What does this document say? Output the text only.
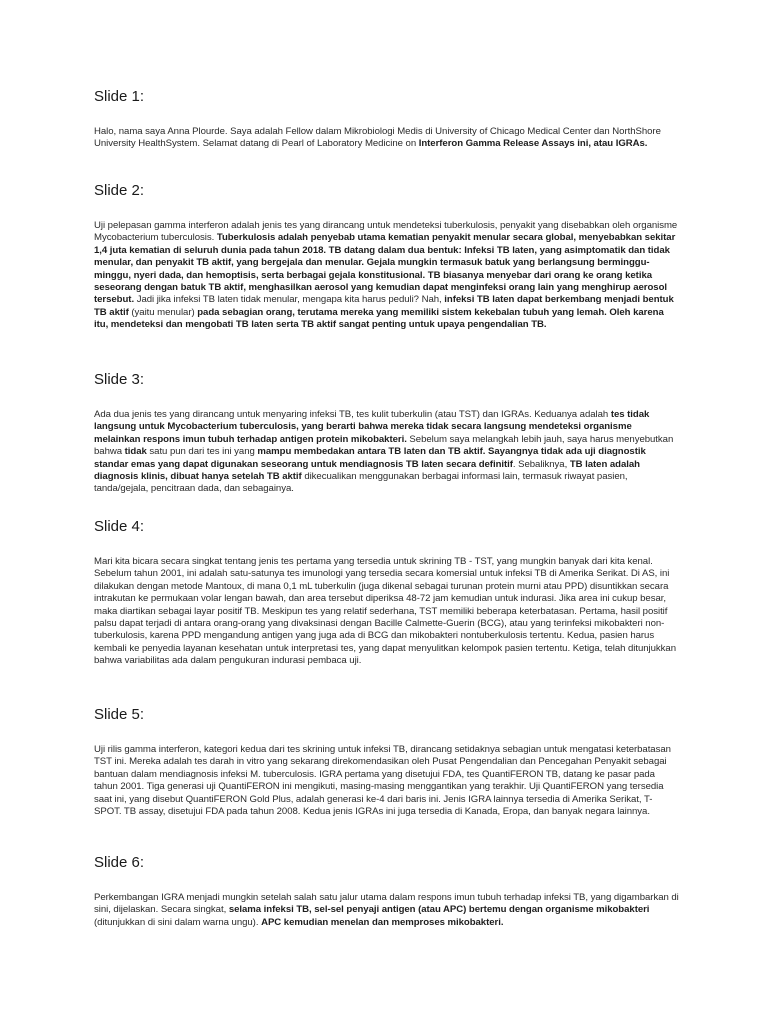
Slide 1:

Halo, nama saya Anna Plourde. Saya adalah Fellow dalam Mikrobiologi Medis di University of Chicago Medical Center dan NorthShore University HealthSystem. Selamat datang di Pearl of Laboratory Medicine on Interferon Gamma Release Assays ini, atau IGRAs.

Slide 2:

Uji pelepasan gamma interferon adalah jenis tes yang dirancang untuk mendeteksi tuberkulosis, penyakit yang disebabkan oleh organisme Mycobacterium tuberculosis. Tuberkulosis adalah penyebab utama kematian penyakit menular secara global, menyebabkan sekitar 1,4 juta kematian di seluruh dunia pada tahun 2018. TB datang dalam dua bentuk: Infeksi TB laten, yang asimptomatik dan tidak menular, dan penyakit TB aktif, yang bergejala dan menular. Gejala mungkin termasuk batuk yang berlangsung berminggu-minggu, nyeri dada, dan hemoptisis, serta berbagai gejala konstitusional. TB biasanya menyebar dari orang ke orang ketika seseorang dengan batuk TB aktif, menghasilkan aerosol yang kemudian dapat menginfeksi orang lain yang menghirup aerosol tersebut. Jadi jika infeksi TB laten tidak menular, mengapa kita harus peduli? Nah, infeksi TB laten dapat berkembang menjadi bentuk TB aktif (yaitu menular) pada sebagian orang, terutama mereka yang memiliki sistem kekebalan tubuh yang lemah. Oleh karena itu, mendeteksi dan mengobati TB laten serta TB aktif sangat penting untuk upaya pengendalian TB.

Slide 3:

Ada dua jenis tes yang dirancang untuk menyaring infeksi TB, tes kulit tuberkulin (atau TST) dan IGRAs. Keduanya adalah tes tidak langsung untuk Mycobacterium tuberculosis, yang berarti bahwa mereka tidak secara langsung mendeteksi organisme melainkan respons imun tubuh terhadap antigen protein mikobakteri. Sebelum saya melangkah lebih jauh, saya harus menyebutkan bahwa tidak satu pun dari tes ini yang mampu membedakan antara TB laten dan TB aktif. Sayangnya tidak ada uji diagnostik standar emas yang dapat digunakan seseorang untuk mendiagnosis TB laten secara definitif. Sebaliknya, TB laten adalah diagnosis klinis, dibuat hanya setelah TB aktif dikecualikan menggunakan berbagai informasi lain, termasuk riwayat pasien, tanda/gejala, pencitraan dada, dan sebagainya.

Slide 4:

Mari kita bicara secara singkat tentang jenis tes pertama yang tersedia untuk skrining TB - TST, yang mungkin banyak dari kita kenal. Sebelum tahun 2001, ini adalah satu-satunya tes imunologi yang tersedia secara komersial untuk infeksi TB di Amerika Serikat. Di AS, ini dilakukan dengan metode Mantoux, di mana 0,1 mL tuberkulin (juga dikenal sebagai turunan protein murni atau PPD) disuntikkan secara intrakutan ke permukaan volar lengan bawah, dan area tersebut diperiksa 48-72 jam kemudian untuk indurasi. Jika area ini cukup besar, maka diartikan sebagai layar positif TB. Meskipun tes yang relatif sederhana, TST memiliki beberapa keterbatasan. Pertama, hasil positif palsu dapat terjadi di antara orang-orang yang divaksinasi dengan Bacille Calmette-Guerin (BCG), atau yang terinfeksi mikobakteri non-tuberkulosis, karena PPD mengandung antigen yang juga ada di BCG dan mikobakteri nontuberkulosis tertentu. Kedua, pasien harus kembali ke penyedia layanan kesehatan untuk interpretasi tes, yang dapat menyulitkan kelompok pasien tertentu. Ketiga, telah ditunjukkan bahwa variabilitas ada dalam pengukuran indurasi pembaca uji.

Slide 5:

Uji rilis gamma interferon, kategori kedua dari tes skrining untuk infeksi TB, dirancang setidaknya sebagian untuk mengatasi keterbatasan TST ini. Mereka adalah tes darah in vitro yang sekarang direkomendasikan oleh Pusat Pengendalian dan Pencegahan Penyakit sebagai bantuan dalam mendiagnosis infeksi M. tuberculosis. IGRA pertama yang disetujui FDA, tes QuantiFERON TB, datang ke pasar pada tahun 2001. Tiga generasi uji QuantiFERON ini mengikuti, masing-masing menggantikan yang terakhir. Uji QuantiFERON yang tersedia saat ini, yang disebut QuantiFERON Gold Plus, adalah generasi ke-4 dari baris ini. Jenis IGRA lainnya tersedia di Amerika Serikat, T-SPOT. TB assay, disetujui FDA pada tahun 2008. Kedua jenis IGRAs ini juga tersedia di Kanada, Eropa, dan banyak negara lainnya.

Slide 6:

Perkembangan IGRA menjadi mungkin setelah salah satu jalur utama dalam respons imun tubuh terhadap infeksi TB, yang digambarkan di sini, dijelaskan. Secara singkat, selama infeksi TB, sel-sel penyaji antigen (atau APC) bertemu dengan organisme mikobakteri (ditunjukkan di sini dalam warna ungu). APC kemudian menelan dan memproses mikobakteri.
